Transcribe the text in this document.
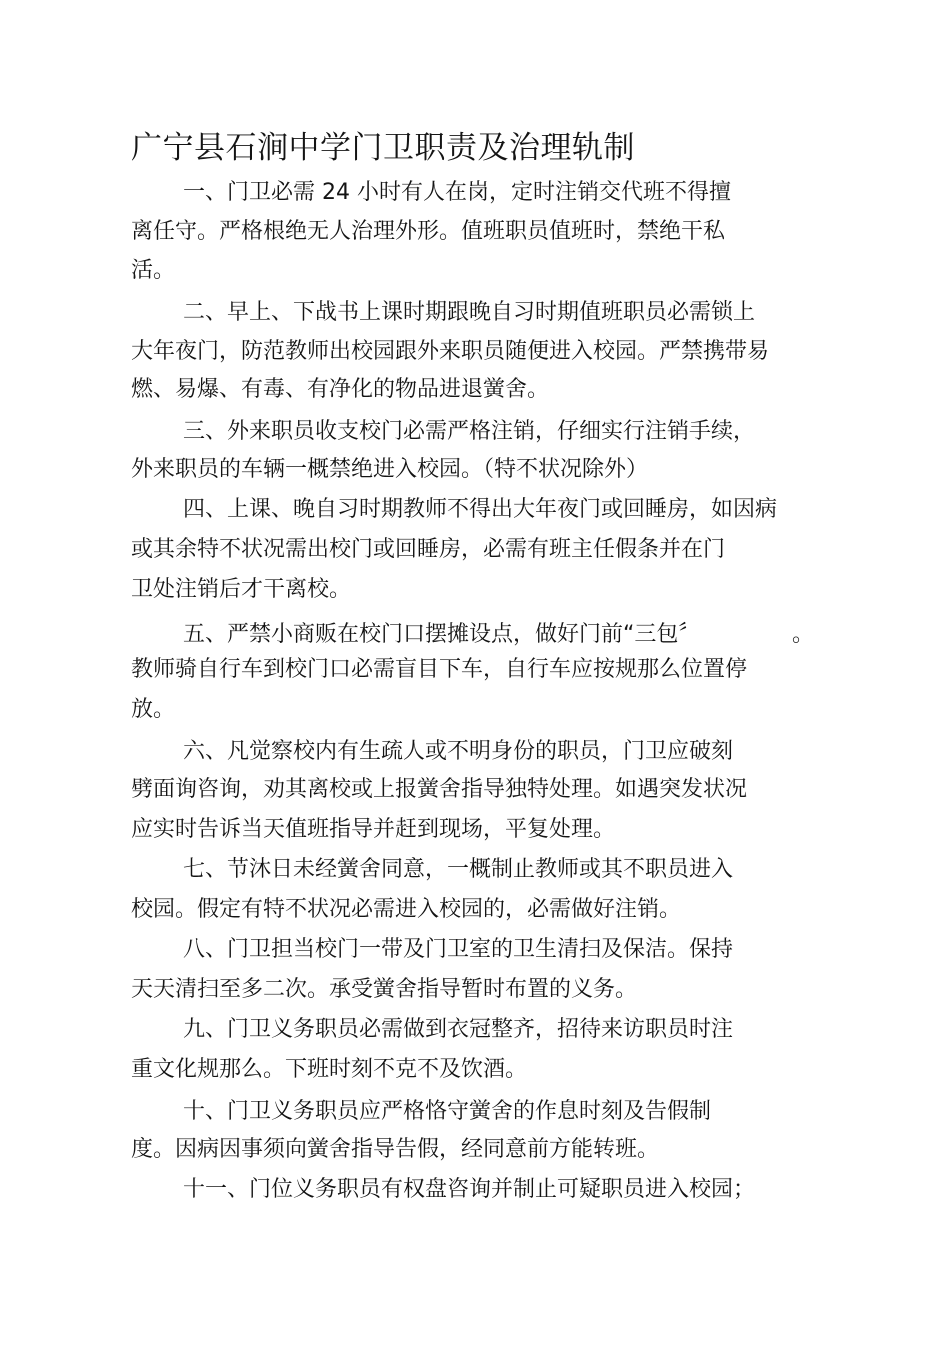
广宁县石涧中学门卫职责及治理轨制

一、门卫必需 24 小时有人在岗，定时注销交代班不得擅

离任守。严格根绝无人治理外形。值班职员值班时，禁绝干私

活。

二、早上、下战书上课时期跟晚自习时期值班职员必需锁上

大年夜门，防范教师出校园跟外来职员随便进入校园。严禁携带易

燃、易爆、有毒、有净化的物品进退黉舍。

三、外来职员收支校门必需严格注销，仔细实行注销手续，

外来职员的车辆一概禁绝进入校园。（特不状况除外）

四、上课、晚自习时期教师不得出大年夜门或回睡房，如因病

或其余特不状况需出校门或回睡房，必需有班主任假条并在门

卫处注销后才干离校。

五、严禁小商贩在校门口摆摊设点，做好门前“三包〞	。

教师骑自行车到校门口必需盲目下车，自行车应按规那么位置停

放。

六、凡觉察校内有生疏人或不明身份的职员，门卫应破刻

劈面询咨询，劝其离校或上报黉舍指导独特处理。如遇突发状况

应实时告诉当天值班指导并赶到现场，平复处理。

七、节沐日未经黉舍同意，一概制止教师或其不职员进入

校园。假定有特不状况必需进入校园的，必需做好注销。

八、门卫担当校门一带及门卫室的卫生清扫及保洁。保持

天天清扫至多二次。承受黉舍指导暂时布置的义务。

九、门卫义务职员必需做到衣冠整齐，招待来访职员时注

重文化规那么。下班时刻不克不及饮酒。

十、门卫义务职员应严格恪守黉舍的作息时刻及告假制

度。因病因事须向黉舍指导告假，经同意前方能转班。

十一、门位义务职员有权盘咨询并制止可疑职员进入校园；
